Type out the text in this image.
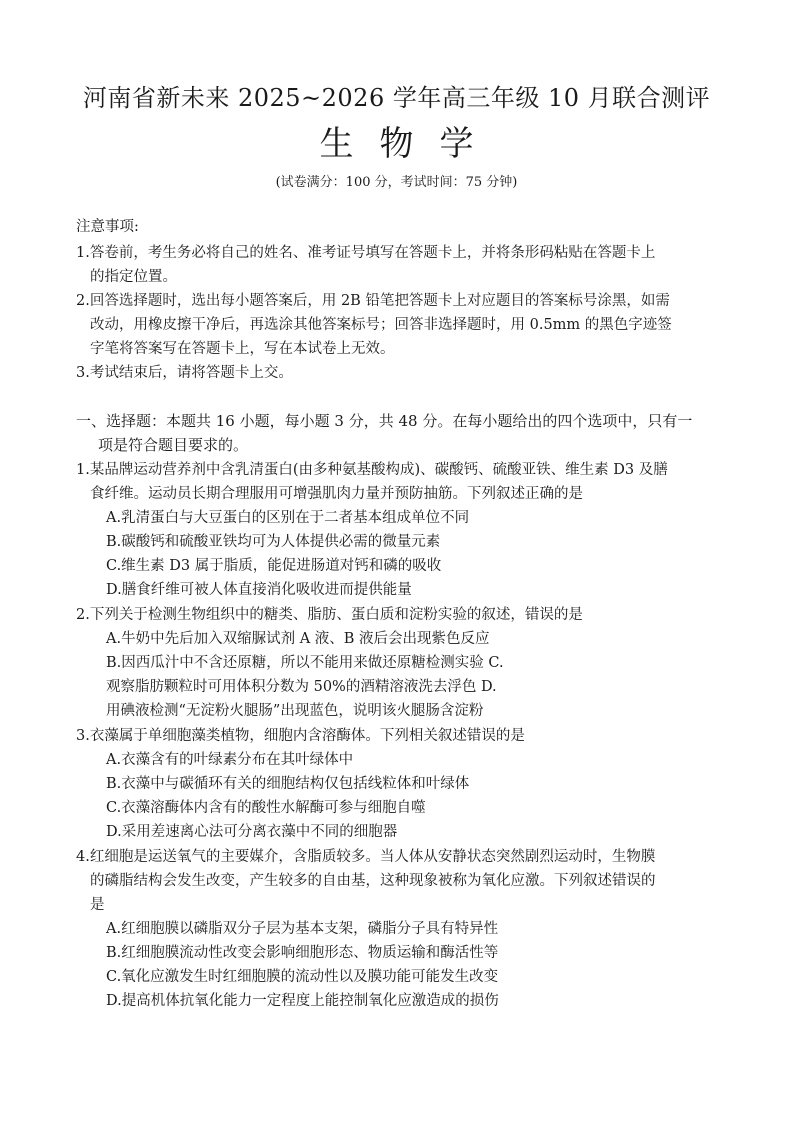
河南省新未来 2025~2026 学年高三年级 10 月联合测评
生物学
(试卷满分：100 分，考试时间：75 分钟)
注意事项:
1.答卷前，考生务必将自己的姓名、准考证号填写在答题卡上，并将条形码粘贴在答题卡上
的指定位置。
2.回答选择题时，选出每小题答案后，用 2B 铅笔把答题卡上对应题目的答案标号涂黑，如需
改动，用橡皮擦干净后，再选涂其他答案标号；回答非选择题时，用 0.5mm 的黑色字迹签
字笔将答案写在答题卡上，写在本试卷上无效。
3.考试结束后，请将答题卡上交。
一、选择题：本题共 16 小题，每小题 3 分，共 48 分。在每小题给出的四个选项中，只有一
项是符合题目要求的。
1.某品牌运动营养剂中含乳清蛋白(由多种氨基酸构成)、碳酸钙、硫酸亚铁、维生素 D3 及膳
食纤维。运动员长期合理服用可增强肌肉力量并预防抽筋。下列叙述正确的是
A.乳清蛋白与大豆蛋白的区别在于二者基本组成单位不同
B.碳酸钙和硫酸亚铁均可为人体提供必需的微量元素
C.维生素 D3 属于脂质，能促进肠道对钙和磷的吸收
D.膳食纤维可被人体直接消化吸收进而提供能量
2.下列关于检测生物组织中的糖类、脂肪、蛋白质和淀粉实验的叙述，错误的是
A.牛奶中先后加入双缩脲试剂 A 液、B 液后会出现紫色反应
B.因西瓜汁中不含还原糖，所以不能用来做还原糖检测实验 C.
观察脂肪颗粒时可用体积分数为 50%的酒精溶液洗去浮色 D.
用碘液检测“无淀粉火腿肠”出现蓝色，说明该火腿肠含淀粉
3.衣藻属于单细胞藻类植物，细胞内含溶酶体。下列相关叙述错误的是
A.衣藻含有的叶绿素分布在其叶绿体中
B.衣藻中与碳循环有关的细胞结构仅包括线粒体和叶绿体
C.衣藻溶酶体内含有的酸性水解酶可参与细胞自噬
D.采用差速离心法可分离衣藻中不同的细胞器
4.红细胞是运送氧气的主要媒介，含脂质较多。当人体从安静状态突然剧烈运动时，生物膜
的磷脂结构会发生改变，产生较多的自由基，这种现象被称为氧化应激。下列叙述错误的
是
A.红细胞膜以磷脂双分子层为基本支架，磷脂分子具有特异性
B.红细胞膜流动性改变会影响细胞形态、物质运输和酶活性等
C.氧化应激发生时红细胞膜的流动性以及膜功能可能发生改变
D.提高机体抗氧化能力一定程度上能控制氧化应激造成的损伤
